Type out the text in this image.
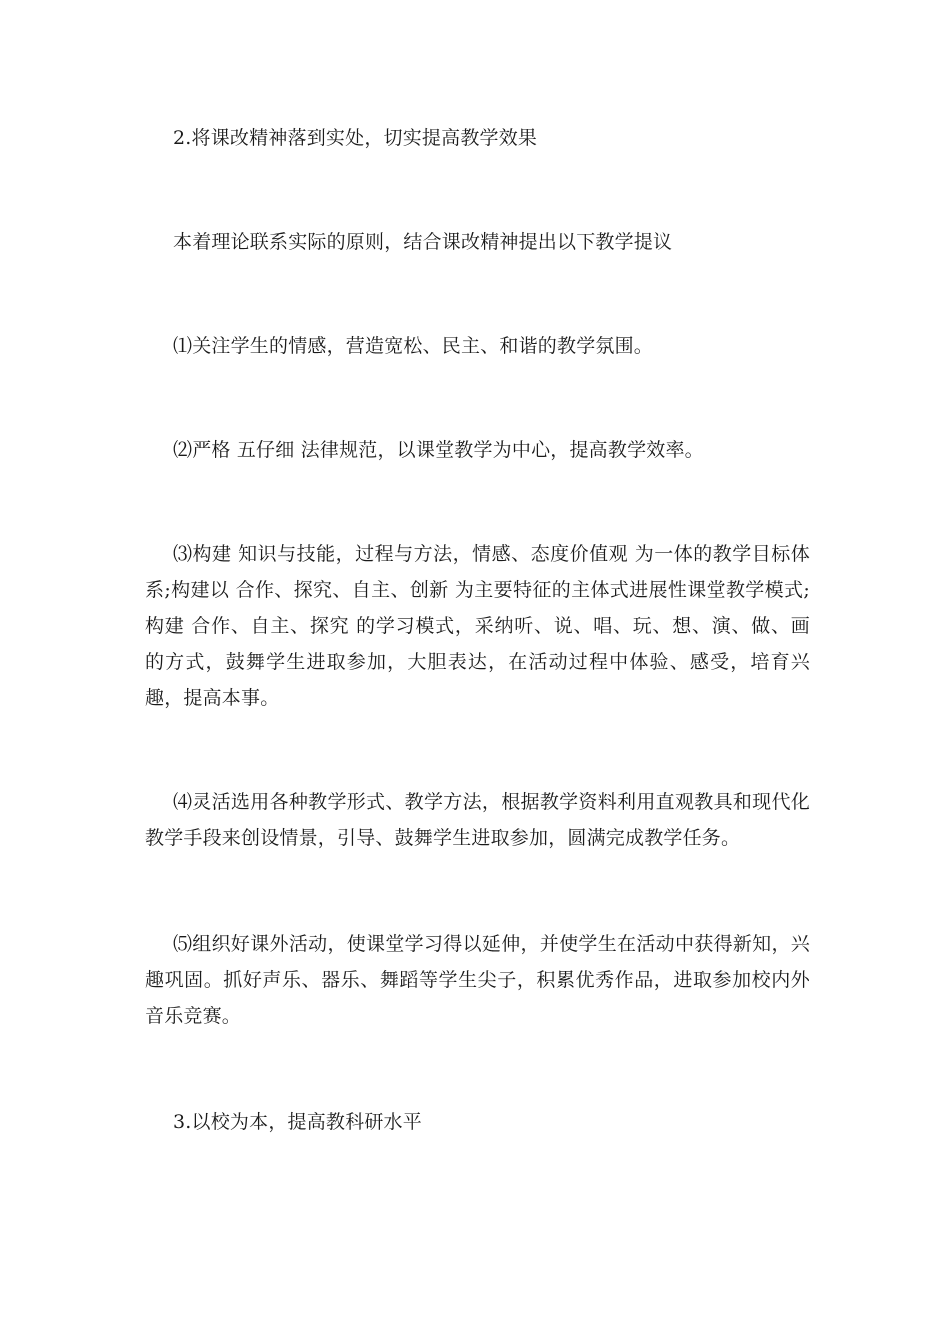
2.将课改精神落到实处，切实提高教学效果

本着理论联系实际的原则，结合课改精神提出以下教学提议

⑴关注学生的情感，营造宽松、民主、和谐的教学氛围。

⑵严格 五仔细 法律规范，以课堂教学为中心，提高教学效率。

⑶构建 知识与技能，过程与方法，情感、态度价值观 为一体的教学目标体系;构建以 合作、探究、自主、创新 为主要特征的主体式进展性课堂教学模式;构建 合作、自主、探究 的学习模式，采纳听、说、唱、玩、想、演、做、画的方式，鼓舞学生进取参加，大胆表达，在活动过程中体验、感受，培育兴趣，提高本事。

⑷灵活选用各种教学形式、教学方法，根据教学资料利用直观教具和现代化教学手段来创设情景，引导、鼓舞学生进取参加，圆满完成教学任务。

⑸组织好课外活动，使课堂学习得以延伸，并使学生在活动中获得新知，兴趣巩固。抓好声乐、器乐、舞蹈等学生尖子，积累优秀作品，进取参加校内外音乐竞赛。

3.以校为本，提高教科研水平
